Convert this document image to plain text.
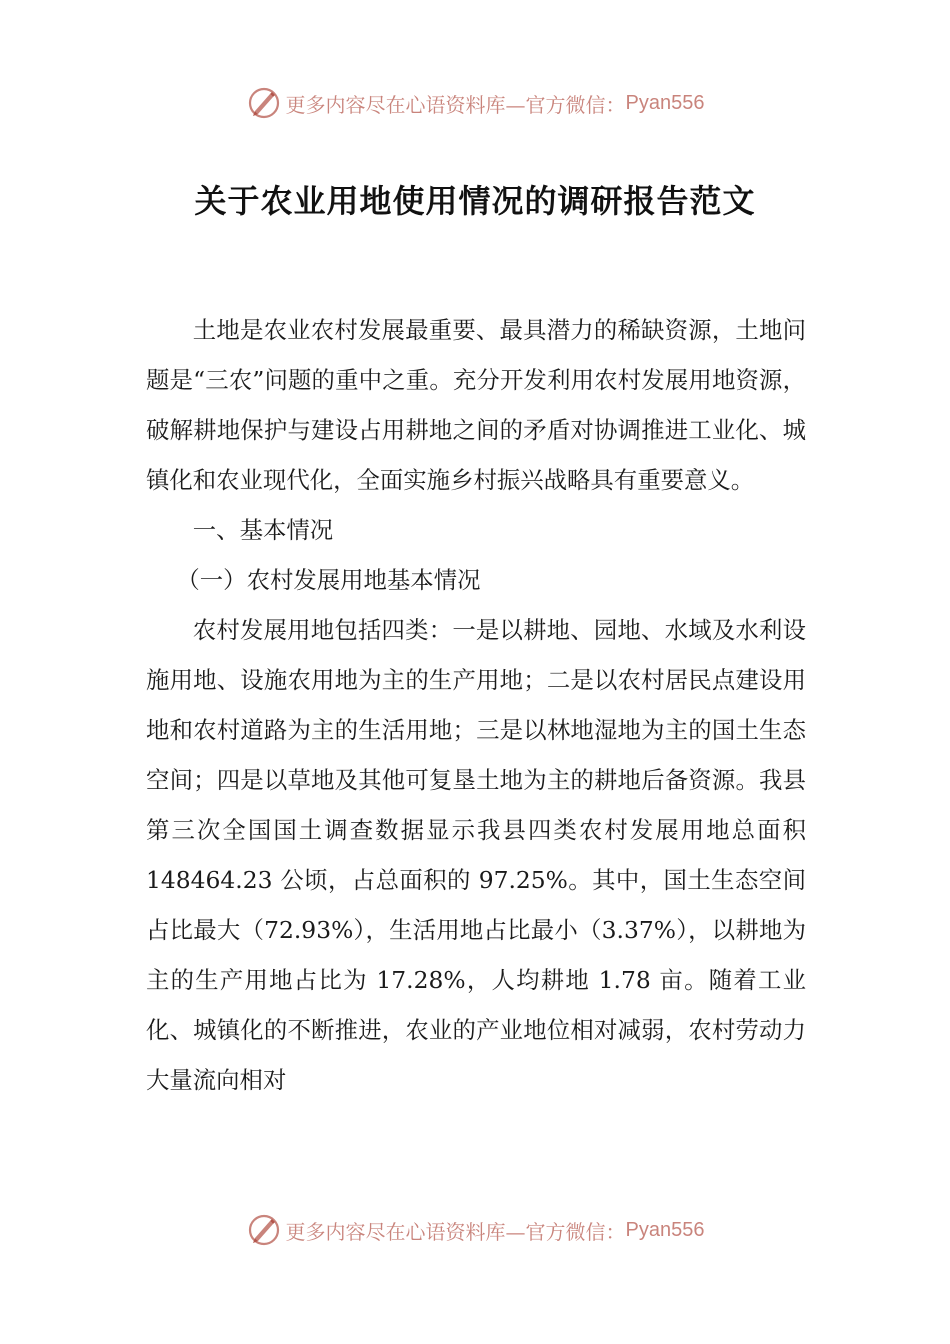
更多内容尽在心语资料库—官方微信： Pyan556
关于农业用地使用情况的调研报告范文

土地是农业农村发展最重要、最具潜力的稀缺资源，土地问题是“三农”问题的重中之重。充分开发利用农村发展用地资源，破解耕地保护与建设占用耕地之间的矛盾对协调推进工业化、城镇化和农业现代化，全面实施乡村振兴战略具有重要意义。

一、基本情况

（一）农村发展用地基本情况

农村发展用地包括四类：一是以耕地、园地、水域及水利设施用地、设施农用地为主的生产用地；二是以农村居民点建设用地和农村道路为主的生活用地；三是以林地湿地为主的国土生态空间；四是以草地及其他可复垦土地为主的耕地后备资源。我县第三次全国国土调查数据显示我县四类农村发展用地总面积 148464.23 公顷，占总面积的 97.25%。其中，国土生态空间占比最大（72.93%），生活用地占比最小（3.37%），以耕地为主的生产用地占比为 17.28%，人均耕地 1.78 亩。随着工业化、城镇化的不断推进，农业的产业地位相对减弱，农村劳动力大量流向相对

更多内容尽在心语资料库—官方微信： Pyan556
